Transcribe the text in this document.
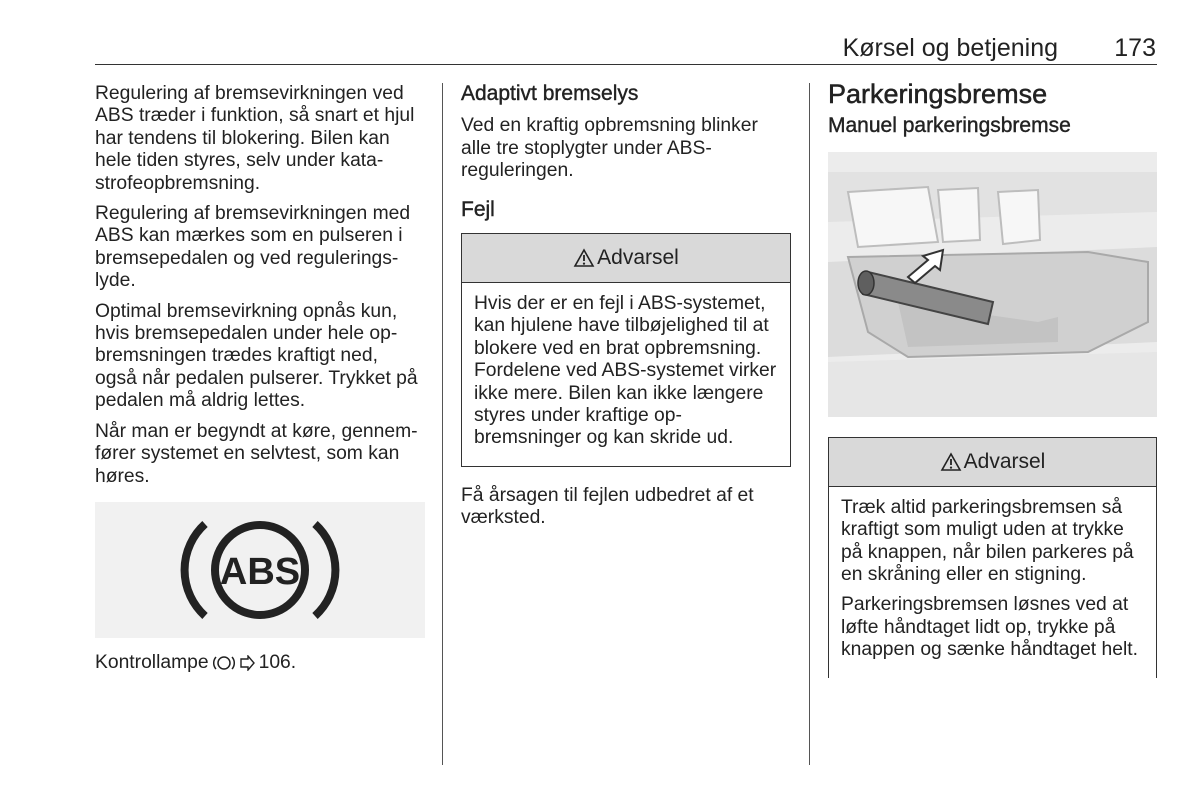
Kørsel og betjening 173

Regulering af bremsevirkningen ved ABS træder i funktion, så snart et hjul har tendens til blokering. Bilen kan hele tiden styres, selv under katastrofeopbremsning.

Regulering af bremsevirkningen med ABS kan mærkes som en pulseren i bremsepedalen og ved reguleringslyde.

Optimal bremsevirkning opnås kun, hvis bremsepedalen under hele opbremsningen trædes kraftigt ned, også når pedalen pulserer. Trykket på pedalen må aldrig lettes.

Når man er begyndt at køre, gennemfører systemet en selvtest, som kan høres.

ABS
Kontrollampe	106.
Adaptivt bremselys

Ved en kraftig opbremsning blinker alle tre stoplygter under ABS-reguleringen.

Fejl
Advarsel

Hvis der er en fejl i ABS-systemet, kan hjulene have tilbøjelighed til at blokere ved en brat opbremsning. Fordelene ved ABS-systemet virker ikke mere. Bilen kan ikke længere styres under kraftige opbremsninger og kan skride ud.

Få årsagen til fejlen udbedret af et værksted.

Parkeringsbremse
Manuel parkeringsbremse
Advarsel

Træk altid parkeringsbremsen så kraftigt som muligt uden at trykke på knappen, når bilen parkeres på en skråning eller en stigning.

Parkeringsbremsen løsnes ved at løfte håndtaget lidt op, trykke på knappen og sænke håndtaget helt.
